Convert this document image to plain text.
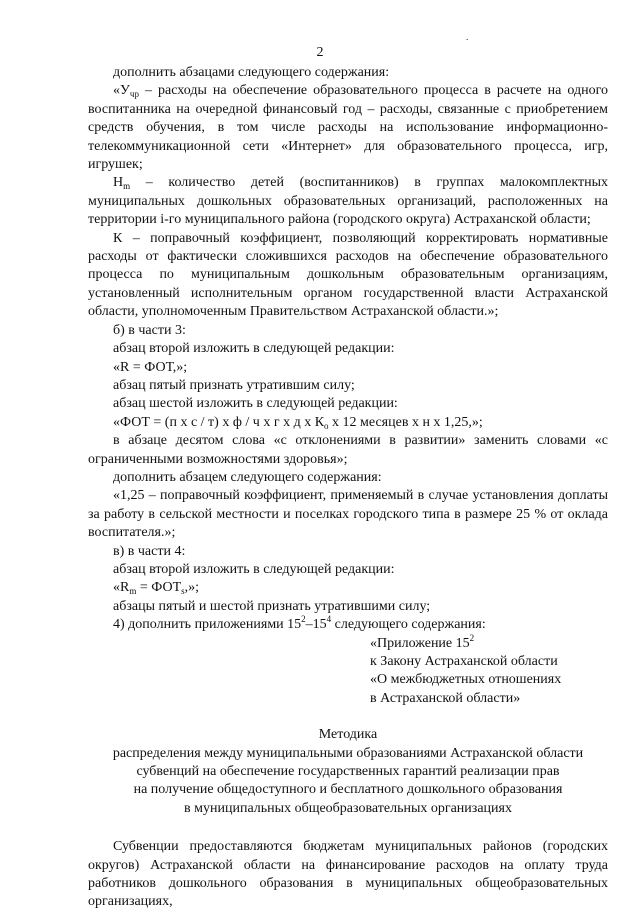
.
2

дополнить абзацами следующего содержания:

«$У_{чр}$ – расходы на обеспечение образовательного процесса в расчете на одного воспитанника на очередной финансовый год – расходы, связанные с приобретением средств обучения, в том числе расходы на использование информационно-телекоммуникационной сети «Интернет» для образовательного процесса, игр, игрушек;

$Н_m$ – количество детей (воспитанников) в группах малокомплектных муниципальных дошкольных образовательных организаций, расположенных на территории i-го муниципального района (городского округа) Астраханской области;

К – поправочный коэффициент, позволяющий корректировать нормативные расходы от фактически сложившихся расходов на обеспечение образовательного процесса по муниципальным дошкольным образовательным организациям, установленный исполнительным органом государственной власти Астраханской области, уполномоченным Правительством Астраханской области.»;

б) в части 3:

абзац второй изложить в следующей редакции:

«R = ФОТ,»;

абзац пятый признать утратившим силу;

абзац шестой изложить в следующей редакции:

«ФОТ = (п х с / т) х ф / ч х г х д х $К_о$ х 12 месяцев х н х 1,25,»;

в абзаце десятом слова «с отклонениями в развитии» заменить словами «с ограниченными возможностями здоровья»;

дополнить абзацем следующего содержания:

«1,25 – поправочный коэффициент, применяемый в случае установления доплаты за работу в сельской местности и поселках городского типа в размере 25 % от оклада воспитателя.»;

в) в части 4:

абзац второй изложить в следующей редакции:

«$R_m = ФОТ_s$,»;

абзацы пятый и шестой признать утратившими силу;

4) дополнить приложениями $15^2-15^4$ следующего содержания:

«Приложение $15^2$

к Закону Астраханской области

«О межбюджетных отношениях

в Астраханской области»

Методика

распределения между муниципальными образованиями Астраханской области

субвенций на обеспечение государственных гарантий реализации прав

на получение общедоступного и бесплатного дошкольного образования

в муниципальных общеобразовательных организациях

Субвенции предоставляются бюджетам муниципальных районов (городских округов) Астраханской области на финансирование расходов на оплату труда работников дошкольного образования в муниципальных общеобразовательных организациях,
